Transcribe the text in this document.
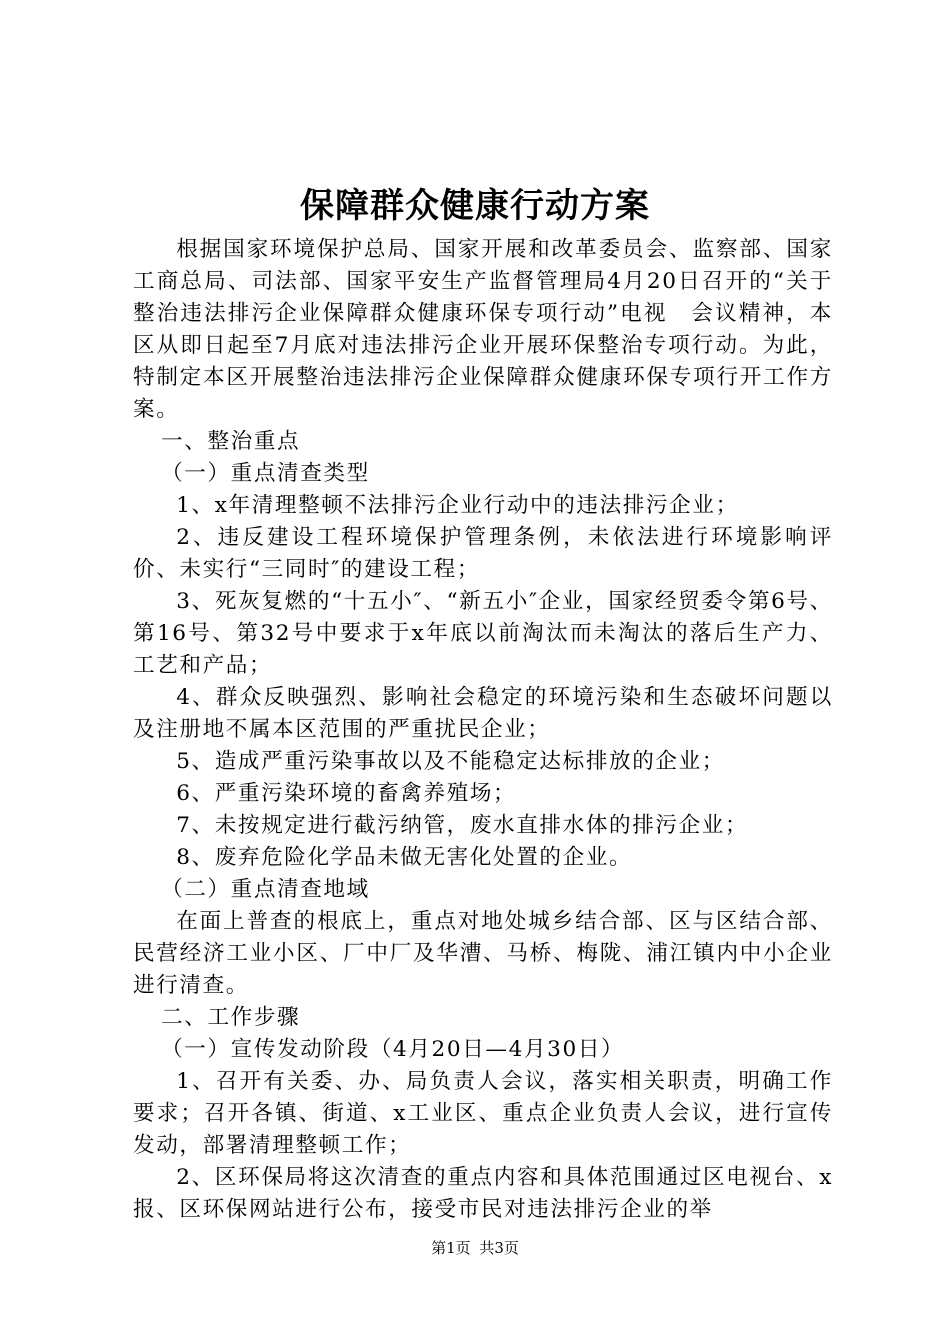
保障群众健康行动方案

根据国家环境保护总局、国家开展和改革委员会、监察部、国家工商总局、司法部、国家平安生产监督管理局4月20日召开的“关于整治违法排污企业保障群众健康环保专项行动”电视　会议精神，本区从即日起至7月底对违法排污企业开展环保整治专项行动。为此，特制定本区开展整治违法排污企业保障群众健康环保专项行开工作方案。

一、整治重点

（一）重点清查类型

1、x年清理整顿不法排污企业行动中的违法排污企业；

2、违反建设工程环境保护管理条例，未依法进行环境影响评价、未实行“三同时″的建设工程；

3、死灰复燃的“十五小″、“新五小″企业，国家经贸委令第6号、第16号、第32号中要求于x年底以前淘汰而未淘汰的落后生产力、工艺和产品；

4、群众反映强烈、影响社会稳定的环境污染和生态破坏问题以及注册地不属本区范围的严重扰民企业；

5、造成严重污染事故以及不能稳定达标排放的企业；

6、严重污染环境的畜禽养殖场；

7、未按规定进行截污纳管，废水直排水体的排污企业；

8、废弃危险化学品未做无害化处置的企业。

（二）重点清查地域

在面上普查的根底上，重点对地处城乡结合部、区与区结合部、民营经济工业小区、厂中厂及华漕、马桥、梅陇、浦江镇内中小企业进行清查。

二、工作步骤

（一）宣传发动阶段（4月20日—4月30日）

1、召开有关委、办、局负责人会议，落实相关职责，明确工作要求；召开各镇、街道、x工业区、重点企业负责人会议，进行宣传发动，部署清理整顿工作；

2、区环保局将这次清查的重点内容和具体范围通过区电视台、x报、区环保网站进行公布，接受市民对违法排污企业的举

第1页 共3页
